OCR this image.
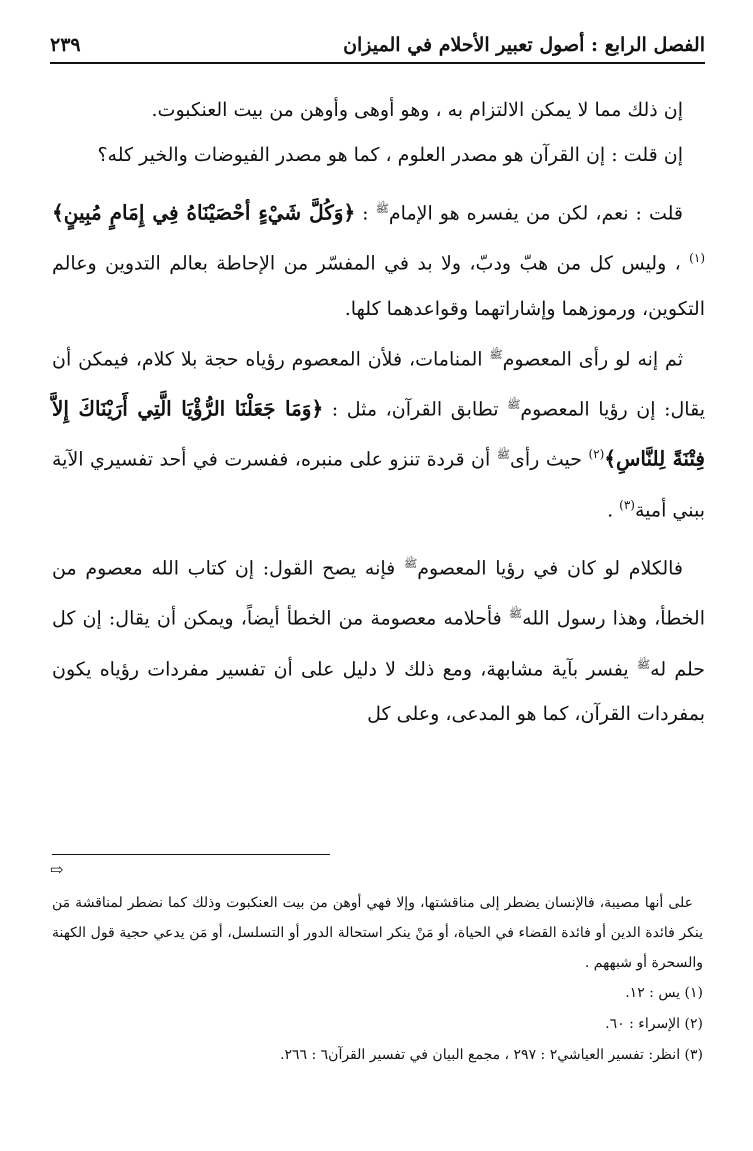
الفصل الرابع : أصول تعبير الأحلام في الميزان
٢٣٩

إن ذلك مما لا يمكن الالتزام به ، وهو أوهى وأوهن من بيت العنكبوت.

إن قلت : إن القرآن هو مصدر العلوم ، كما هو مصدر الفيوضات والخير كله؟

قلت : نعم، لكن من يفسره هو الإمام$^ﷺ$ : ﴿وَكُلَّ شَيْءٍ أحْصَيْنَاهُ فِي إِمَامٍ مُبِينٍ﴾$^{(١)}$ ، وليس كل من هبّ ودبّ، ولا بد في المفسّر من الإحاطة بعالم التدوين وعالم التكوين، ورموزهما وإشاراتهما وقواعدهما كلها.

ثم إنه لو رأى المعصوم$^ﷺ$ المنامات، فلأن المعصوم رؤياه حجة بلا كلام، فيمكن أن يقال: إن رؤيا المعصوم$^ﷺ$ تطابق القرآن، مثل : ﴿وَمَا جَعَلْنَا الرُّؤْيَا الَّتِي أَرَيْنَاكَ إِلاَّ فِتْنَةً لِلنَّاسِ﴾$^{(٢)}$ حيث رأى$^ﷺ$ أن قردة تنزو على منبره، ففسرت في أحد تفسيري الآية ببني أمية$^{(٣)}$ .

فالكلام لو كان في رؤيا المعصوم$^ﷺ$ فإنه يصح القول: إن كتاب الله معصوم من الخطأ، وهذا رسول الله$^ﷺ$ فأحلامه معصومة من الخطأ أيضاً، ويمكن أن يقال: إن كل حلم له$^ﷺ$ يفسر بآية مشابهة، ومع ذلك لا دليل على أن تفسير مفردات رؤياه يكون بمفردات القرآن، كما هو المدعى، وعلى كل

⇨

على أنها مصيبة، فالإنسان يضطر إلى مناقشتها، وإلا فهي أوهن من بيت العنكبوت وذلك كما نضطر لمناقشة مَن ينكر فائدة الدين أو فائدة القضاء في الحياة، أو مَنْ ينكر استحالة الدور أو التسلسل، أو مَن يدعي حجية قول الكهنة والسحرة أو شبههم .

(١) يس : ١٢.

(٢) الإسراء : ٦٠.

(٣) انظر: تفسير العياشي٢ : ٢٩٧ ، مجمع البيان في تفسير القرآن٦ : ٢٦٦.
